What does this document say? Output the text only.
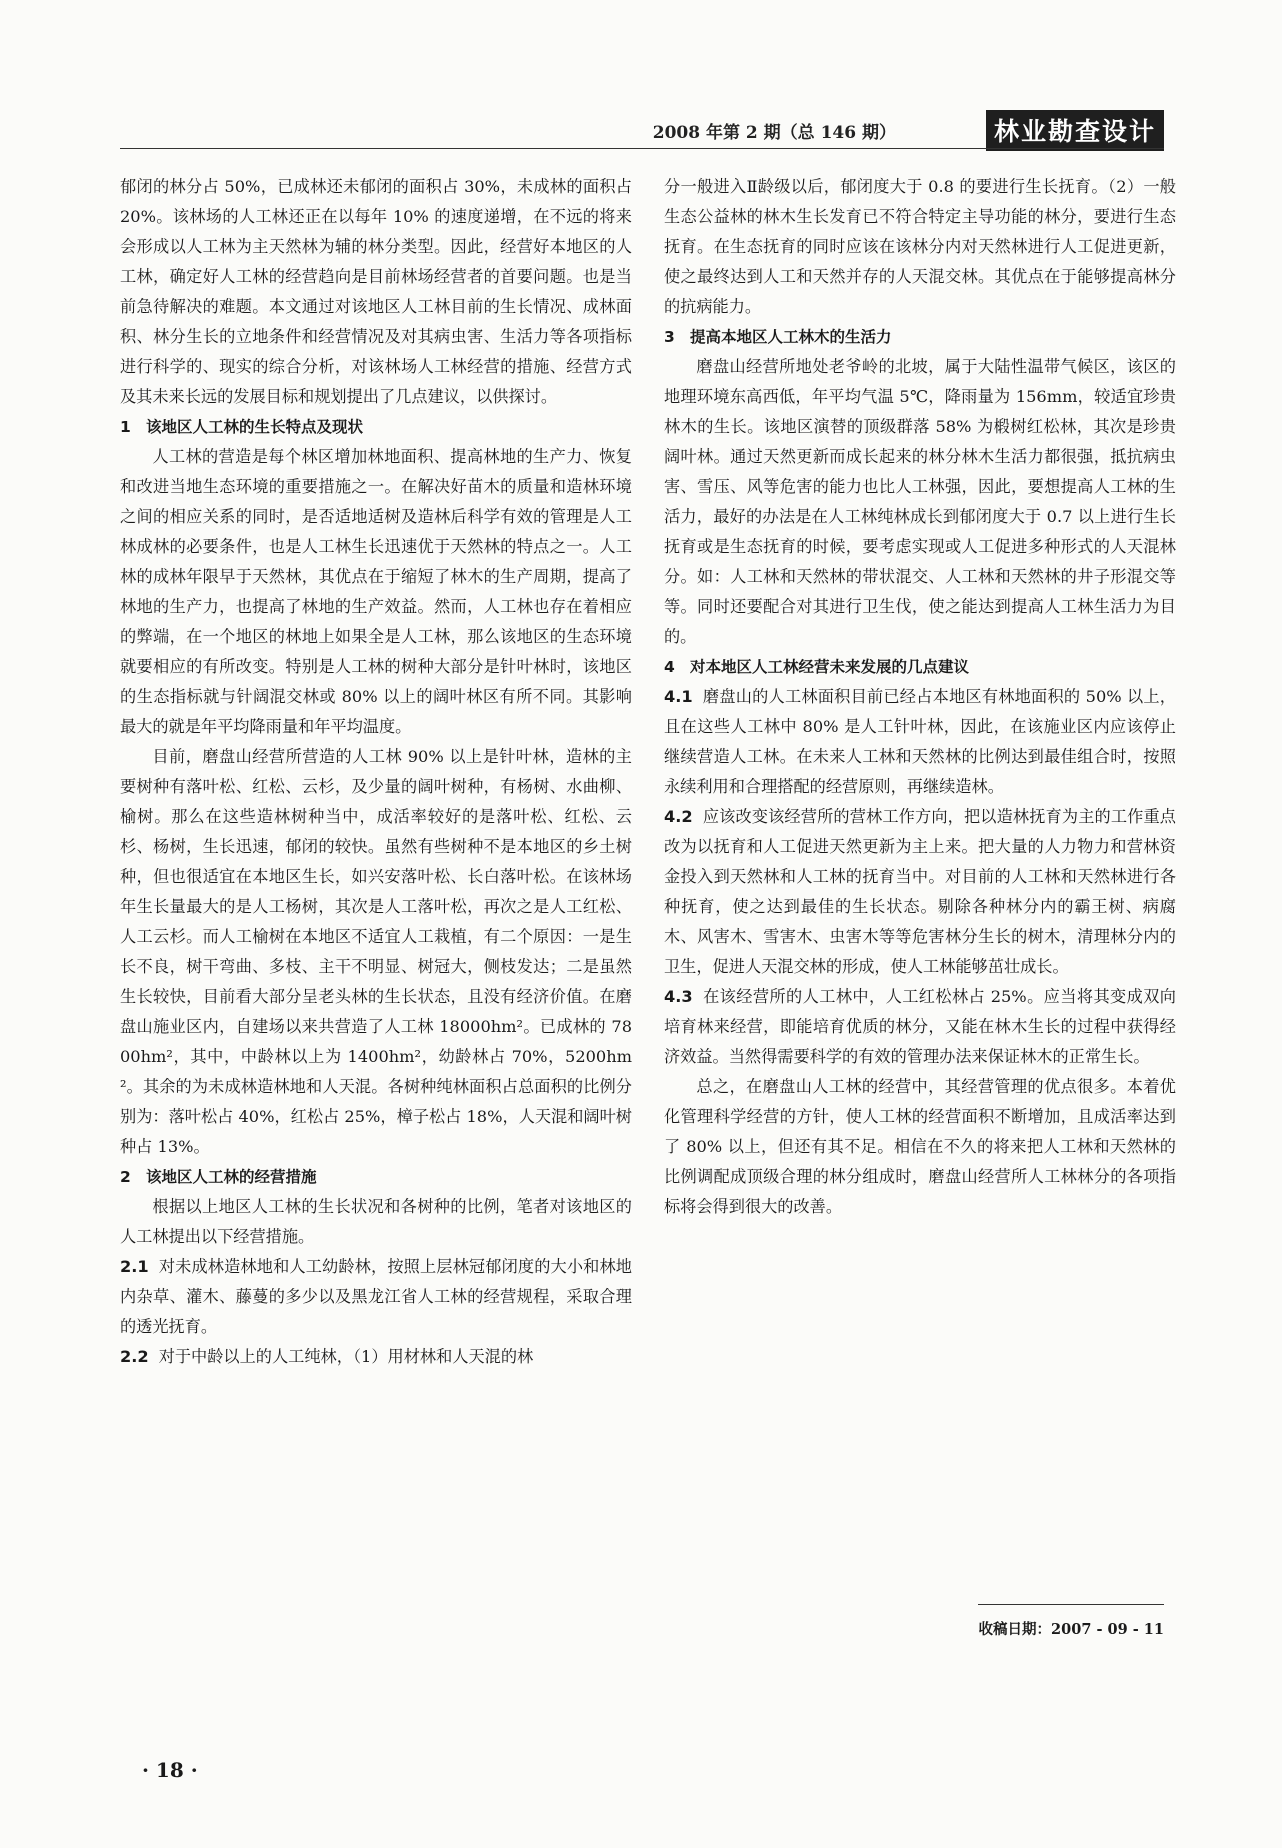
2008 年第 2 期（总 146 期）	林业勘查设计

郁闭的林分占 50%，已成林还未郁闭的面积占 30%，未成林的面积占 20%。该林场的人工林还正在以每年 10% 的速度递增，在不远的将来会形成以人工林为主天然林为辅的林分类型。因此，经营好本地区的人工林，确定好人工林的经营趋向是目前林场经营者的首要问题。也是当前急待解决的难题。本文通过对该地区人工林目前的生长情况、成林面积、林分生长的立地条件和经营情况及对其病虫害、生活力等各项指标进行科学的、现实的综合分析，对该林场人工林经营的措施、经营方式及其未来长远的发展目标和规划提出了几点建议，以供探讨。

1 该地区人工林的生长特点及现状

人工林的营造是每个林区增加林地面积、提高林地的生产力、恢复和改进当地生态环境的重要措施之一。在解决好苗木的质量和造林环境之间的相应关系的同时，是否适地适树及造林后科学有效的管理是人工林成林的必要条件，也是人工林生长迅速优于天然林的特点之一。人工林的成林年限早于天然林，其优点在于缩短了林木的生产周期，提高了林地的生产力，也提高了林地的生产效益。然而，人工林也存在着相应的弊端，在一个地区的林地上如果全是人工林，那么该地区的生态环境就要相应的有所改变。特别是人工林的树种大部分是针叶林时，该地区的生态指标就与针阔混交林或 80% 以上的阔叶林区有所不同。其影响最大的就是年平均降雨量和年平均温度。

目前，磨盘山经营所营造的人工林 90% 以上是针叶林，造林的主要树种有落叶松、红松、云杉，及少量的阔叶树种，有杨树、水曲柳、榆树。那么在这些造林树种当中，成活率较好的是落叶松、红松、云杉、杨树，生长迅速，郁闭的较快。虽然有些树种不是本地区的乡土树种，但也很适宜在本地区生长，如兴安落叶松、长白落叶松。在该林场年生长量最大的是人工杨树，其次是人工落叶松，再次之是人工红松、人工云杉。而人工榆树在本地区不适宜人工栽植，有二个原因：一是生长不良，树干弯曲、多枝、主干不明显、树冠大，侧枝发达；二是虽然生长较快，目前看大部分呈老头林的生长状态，且没有经济价值。在磨盘山施业区内，自建场以来共营造了人工林 18000hm²。已成林的 7800hm²，其中，中龄林以上为 1400hm²，幼龄林占 70%，5200hm²。其余的为未成林造林地和人天混。各树种纯林面积占总面积的比例分别为：落叶松占 40%，红松占 25%，樟子松占 18%，人天混和阔叶树种占 13%。

2 该地区人工林的经营措施

根据以上地区人工林的生长状况和各树种的比例，笔者对该地区的人工林提出以下经营措施。

2.1 对未成林造林地和人工幼龄林，按照上层林冠郁闭度的大小和林地内杂草、灌木、藤蔓的多少以及黑龙江省人工林的经营规程，采取合理的透光抚育。

2.2 对于中龄以上的人工纯林，（1）用材林和人天混的林

分一般进入Ⅱ龄级以后，郁闭度大于 0.8 的要进行生长抚育。（2）一般生态公益林的林木生长发育已不符合特定主导功能的林分，要进行生态抚育。在生态抚育的同时应该在该林分内对天然林进行人工促进更新，使之最终达到人工和天然并存的人天混交林。其优点在于能够提高林分的抗病能力。

3 提高本地区人工林木的生活力

磨盘山经营所地处老爷岭的北坡，属于大陆性温带气候区，该区的地理环境东高西低，年平均气温 5℃，降雨量为 156mm，较适宜珍贵林木的生长。该地区演替的顶级群落 58% 为椴树红松林，其次是珍贵阔叶林。通过天然更新而成长起来的林分林木生活力都很强，抵抗病虫害、雪压、风等危害的能力也比人工林强，因此，要想提高人工林的生活力，最好的办法是在人工林纯林成长到郁闭度大于 0.7 以上进行生长抚育或是生态抚育的时候，要考虑实现或人工促进多种形式的人天混林分。如：人工林和天然林的带状混交、人工林和天然林的井子形混交等等。同时还要配合对其进行卫生伐，使之能达到提高人工林生活力为目的。

4 对本地区人工林经营未来发展的几点建议

4.1 磨盘山的人工林面积目前已经占本地区有林地面积的 50% 以上，且在这些人工林中 80% 是人工针叶林，因此，在该施业区内应该停止继续营造人工林。在未来人工林和天然林的比例达到最佳组合时，按照永续利用和合理搭配的经营原则，再继续造林。

4.2 应该改变该经营所的营林工作方向，把以造林抚育为主的工作重点改为以抚育和人工促进天然更新为主上来。把大量的人力物力和营林资金投入到天然林和人工林的抚育当中。对目前的人工林和天然林进行各种抚育，使之达到最佳的生长状态。剔除各种林分内的霸王树、病腐木、风害木、雪害木、虫害木等等危害林分生长的树木，清理林分内的卫生，促进人天混交林的形成，使人工林能够茁壮成长。

4.3 在该经营所的人工林中，人工红松林占 25%。应当将其变成双向培育林来经营，即能培育优质的林分，又能在林木生长的过程中获得经济效益。当然得需要科学的有效的管理办法来保证林木的正常生长。

总之，在磨盘山人工林的经营中，其经营管理的优点很多。本着优化管理科学经营的方针，使人工林的经营面积不断增加，且成活率达到了 80% 以上，但还有其不足。相信在不久的将来把人工林和天然林的比例调配成顶级合理的林分组成时，磨盘山经营所人工林林分的各项指标将会得到很大的改善。

收稿日期：2007 - 09 - 11
· 18 ·
